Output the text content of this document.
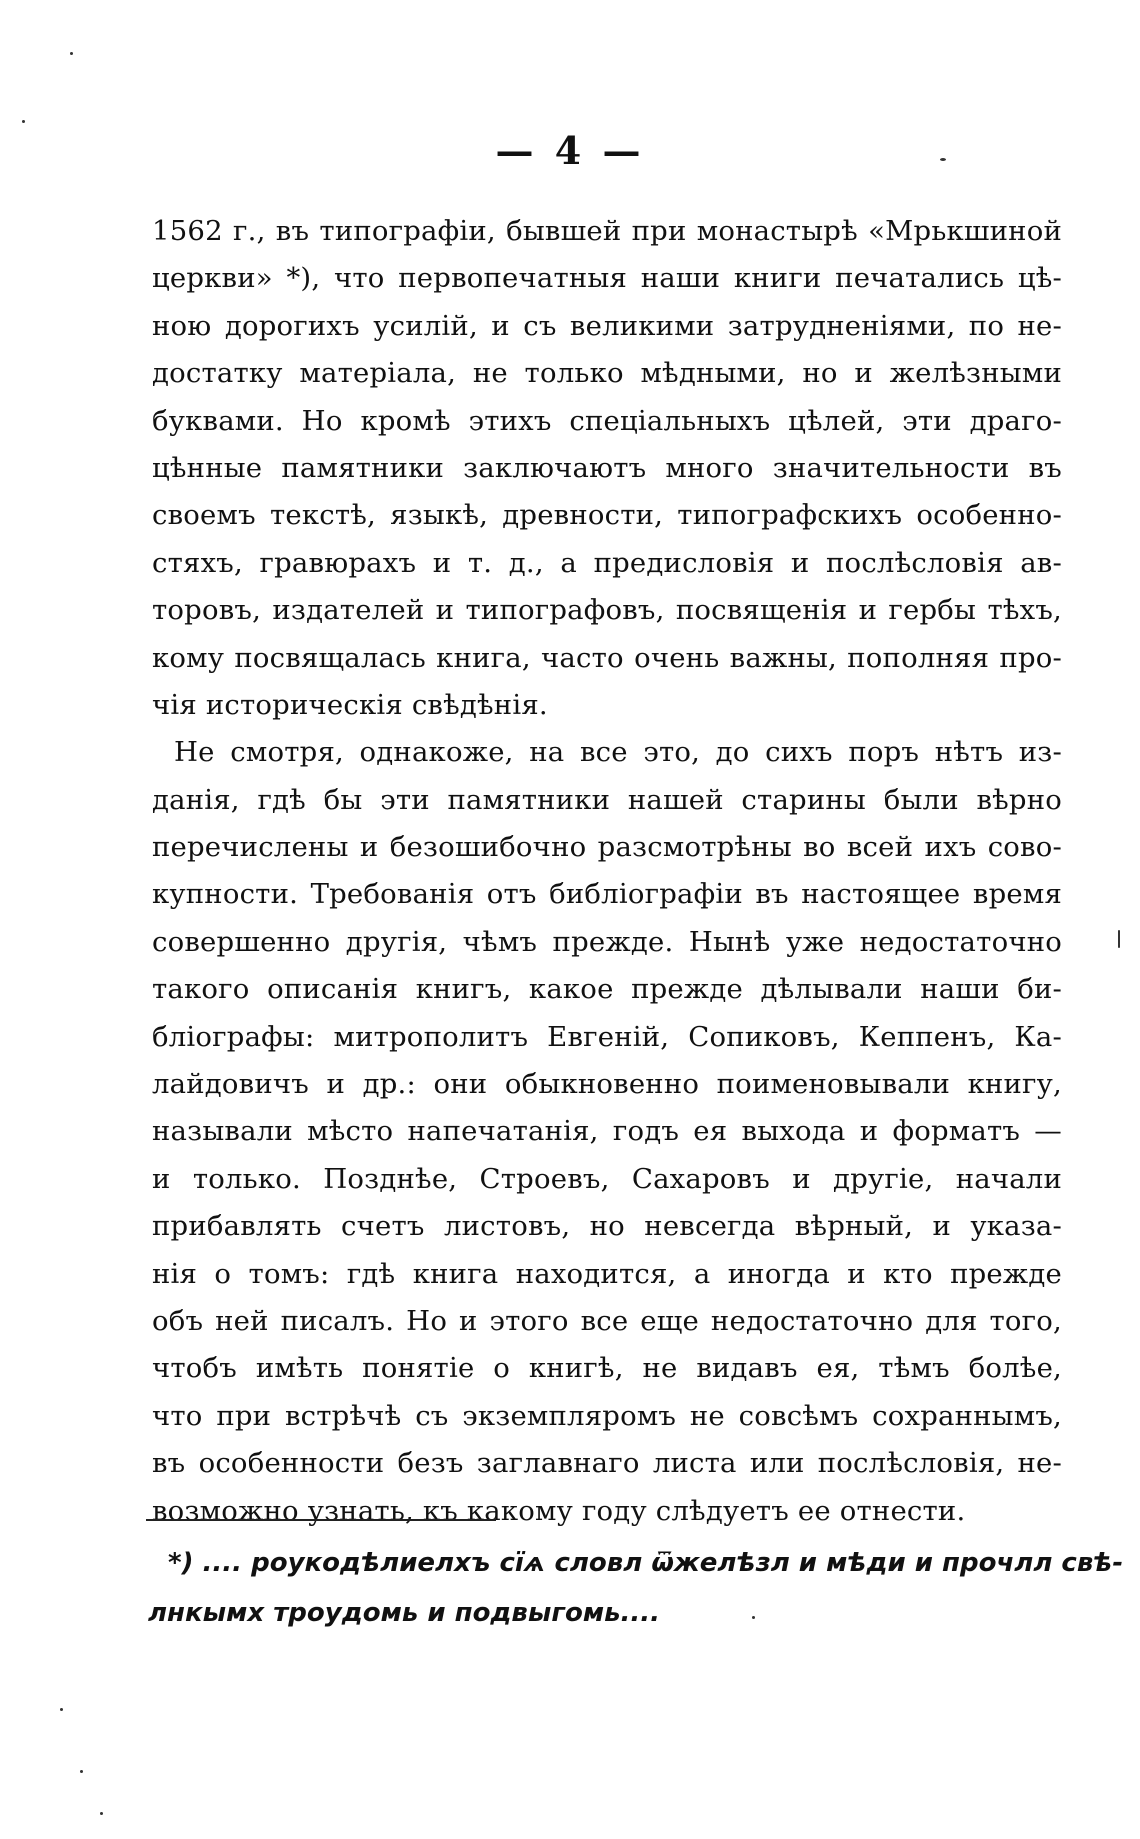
— 4 —
1562 г., въ типографіи, бывшей при монастырѣ «Мрькшиной
церкви» *), что первопечатныя наши книги печатались цѣ-
ною дорогихъ усилій, и съ великими затрудненіями, по не-
достатку матеріала, не только мѣдными, но и желѣзными
буквами. Но кромѣ этихъ спеціальныхъ цѣлей, эти драго-
цѣнные памятники заключаютъ много значительности въ
своемъ текстѣ, языкѣ, древности, типографскихъ особенно-
стяхъ, гравюрахъ и т. д., а предисловія и послѣсловія ав-
торовъ, издателей и типографовъ, посвященія и гербы тѣхъ,
кому посвящалась книга, часто очень важны, пополняя про-
чія историческія свѣдѣнія.
Не смотря, однакоже, на все это, до сихъ поръ нѣтъ из-
данія, гдѣ бы эти памятники нашей старины были вѣрно
перечислены и безошибочно разсмотрѣны во всей ихъ сово-
купности. Требованія отъ библіографіи въ настоящее время
совершенно другія, чѣмъ прежде. Нынѣ уже недостаточно
такого описанія книгъ, какое прежде дѣлывали наши би-
бліографы: митрополитъ Евгеній, Сопиковъ, Кеппенъ, Ка-
лайдовичъ и др.: они обыкновенно поименовывали книгу,
называли мѣсто напечатанія, годъ ея выхода и форматъ —
и только. Позднѣе, Строевъ, Сахаровъ и другіе, начали
прибавлять счетъ листовъ, но невсегда вѣрный, и указа-
нія о томъ: гдѣ книга находится, а иногда и кто прежде
объ ней писалъ. Но и этого все еще недостаточно для того,
чтобъ имѣть понятіе о книгѣ, не видавъ ея, тѣмъ болѣе,
что при встрѣчѣ съ экземпляромъ не совсѣмъ сохраннымъ,
въ особенности безъ заглавнаго листа или послѣсловія, не-
возможно узнать, къ какому году слѣдуетъ ее отнести.
*) .... роукодѣлиелхъ сїѧ словл ѿжелѣзл и мѣди и прочлл свѣ-
лнкымх троудомь и подвыгомь....
